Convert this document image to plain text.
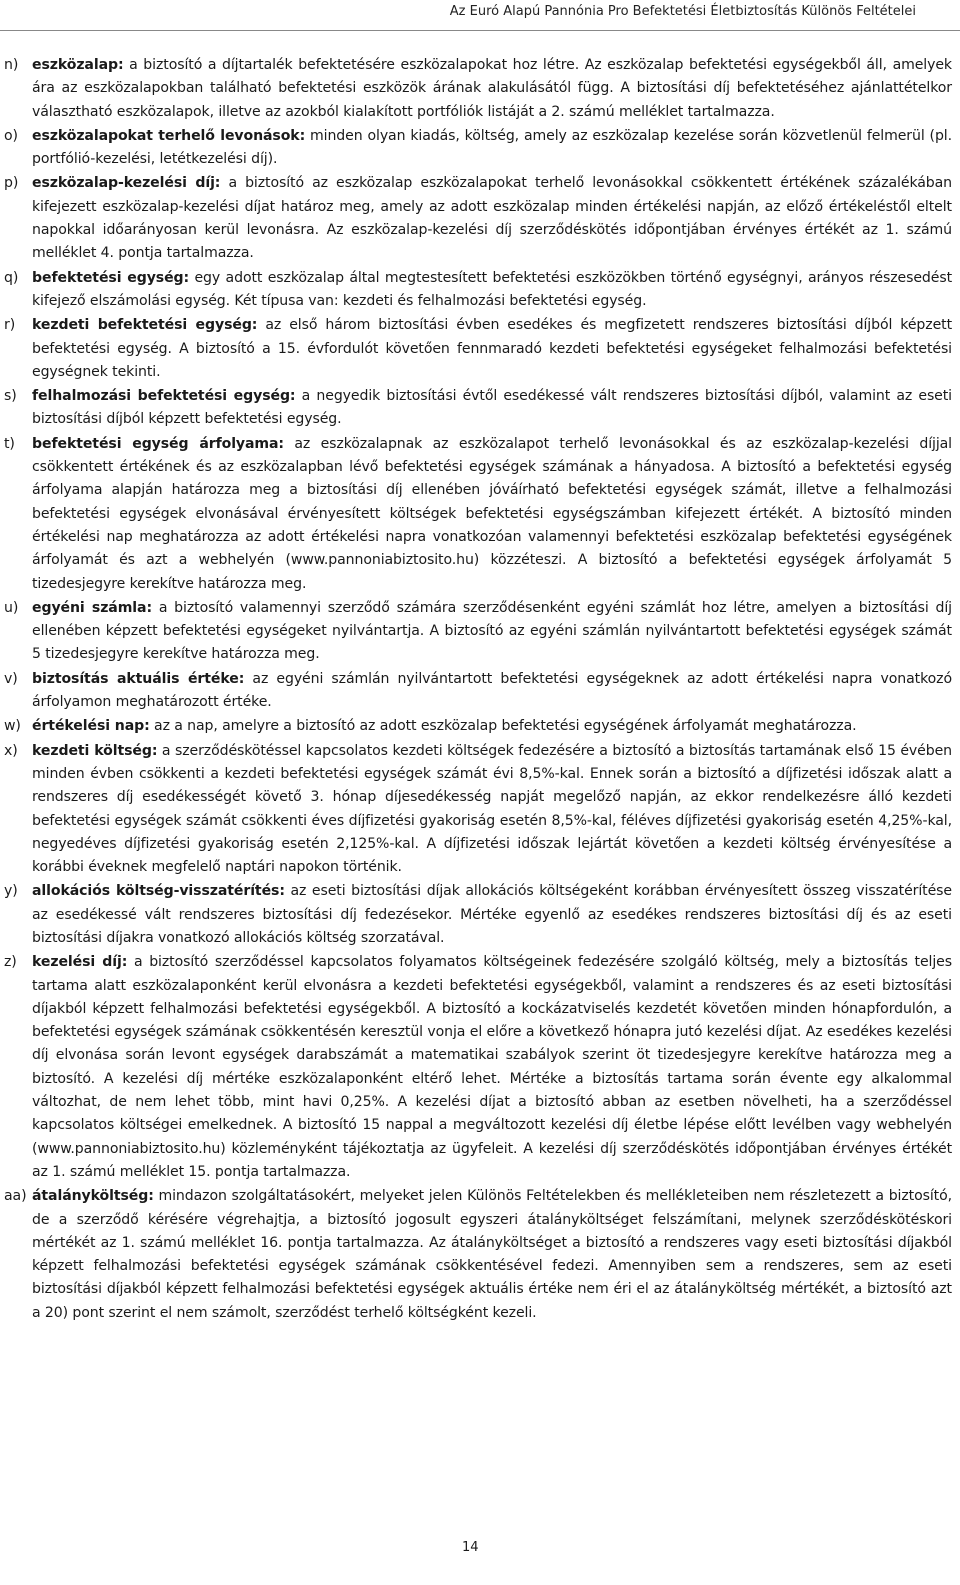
Az Euró Alapú Pannónia Pro Befektetési Életbiztosítás Különös Feltételei
n) eszközalap: a biztosító a díjtartalék befektetésére eszközalapokat hoz létre. Az eszközalap befektetési egységekből áll, amelyek ára az eszközalapokban található befektetési eszközök árának alakulásától függ. A biztosítási díj befektetéséhez ajánlattételkor választható eszközalapok, illetve az azokból kialakított portfóliók listáját a 2. számú melléklet tartalmazza.
o) eszközalapokat terhelő levonások: minden olyan kiadás, költség, amely az eszközalap kezelése során közvetlenül felmerül (pl. portfólió-kezelési, letétkezelési díj).
p) eszközalap-kezelési díj: a biztosító az eszközalap eszközalapokat terhelő levonásokkal csökkentett értékének százalékában kifejezett eszközalap-kezelési díjat határoz meg, amely az adott eszközalap minden értékelési napján, az előző értékeléstől eltelt napokkal időarányosan kerül levonásra. Az eszközalap-kezelési díj szerződéskötés időpontjában érvényes értékét az 1. számú melléklet 4. pontja tartalmazza.
q) befektetési egység: egy adott eszközalap által megtestesített befektetési eszközökben történő egységnyi, arányos részesedést kifejező elszámolási egység. Két típusa van: kezdeti és felhalmozási befektetési egység.
r)	kezdeti befektetési egység: az első három biztosítási évben esedékes és megfizetett rendszeres biztosítási díjból képzett befektetési egység. A biztosító a 15. évfordulót követően fennmaradó kezdeti befektetési egységeket felhalmozási befektetési egységnek tekinti.
s)	felhalmozási befektetési egység: a negyedik biztosítási évtől esedékessé vált rendszeres biztosítási díjból, valamint az eseti biztosítási díjból képzett befektetési egység.
t)	befektetési egység árfolyama: az eszközalapnak az eszközalapot terhelő levonásokkal és az eszközalap-kezelési díjjal csökkentett értékének és az eszközalapban lévő befektetési egységek számának a hányadosa. A biztosító a befektetési egység árfolyama alapján határozza meg a biztosítási díj ellenében jóváírható befektetési egységek számát, illetve a felhalmozási befektetési egységek elvonásával érvényesített költségek befektetési egységszámban kifejezett értékét. A biztosító minden értékelési nap meghatározza az adott értékelési napra vonatkozóan valamennyi befektetési eszközalap befektetési egységének árfolyamát és azt a webhelyén (www.pannoniabiztosito.hu) közzéteszi. A biztosító a befektetési egységek árfolyamát 5 tizedesjegyre kerekítve határozza meg.
u) egyéni számla: a biztosító valamennyi szerződő számára szerződésenként egyéni számlát hoz létre, amelyen a biztosítási díj ellenében képzett befektetési egységeket nyilvántartja. A biztosító az egyéni számlán nyilvántartott befektetési egységek számát 5 tizedesjegyre kerekítve határozza meg.
v)	biztosítás aktuális értéke: az egyéni számlán nyilvántartott befektetési egységeknek az adott értékelési napra vonatkozó árfolyamon meghatározott értéke.
w) értékelési nap: az a nap, amelyre a biztosító az adott eszközalap befektetési egységének árfolyamát meghatározza.
x)	kezdeti költség: a szerződéskötéssel kapcsolatos kezdeti költségek fedezésére a biztosító a biztosítás tartamának első 15 évében minden évben csökkenti a kezdeti befektetési egységek számát évi 8,5%-kal. Ennek során a biztosító a díjfizetési időszak alatt a rendszeres díj esedékességét követő 3. hónap díjesedékesség napját megelőző napján, az ekkor rendelkezésre álló kezdeti befektetési egységek számát csökkenti éves díjfizetési gyakoriság esetén 8,5%-kal, féléves díjfizetési gyakoriság esetén 4,25%-kal, negyedéves díjfizetési gyakoriság esetén 2,125%-kal. A díjfizetési időszak lejártát követően a kezdeti költség érvényesítése a korábbi éveknek megfelelő naptári napokon történik.
y)	allokációs költség-visszatérítés: az eseti biztosítási díjak allokációs költségeként korábban érvényesített összeg visszatérítése az esedékessé vált rendszeres biztosítási díj fedezésekor. Mértéke egyenlő az esedékes rendszeres biztosítási díj és az eseti biztosítási díjakra vonatkozó allokációs költség szorzatával.
z)	kezelési díj: a biztosító szerződéssel kapcsolatos folyamatos költségeinek fedezésére szolgáló költség, mely a biztosítás teljes tartama alatt eszközalaponként kerül elvonásra a kezdeti befektetési egységekből, valamint a rendszeres és az eseti biztosítási díjakból képzett felhalmozási befektetési egységekből. A biztosító a kockázatviselés kezdetét követően minden hónapfordulón, a befektetési egységek számának csökkentésén keresztül vonja el előre a következő hónapra jutó kezelési díjat. Az esedékes kezelési díj elvonása során levont egységek darabszámát a matematikai szabályok szerint öt tizedesjegyre kerekítve határozza meg a biztosító. A kezelési díj mértéke eszközalaponként eltérő lehet. Mértéke a biztosítás tartama során évente egy alkalommal változhat, de nem lehet több, mint havi 0,25%. A kezelési díjat a biztosító abban az esetben növelheti, ha a szerződéssel kapcsolatos költségei emelkednek. A biztosító 15 nappal a megváltozott kezelési díj életbe lépése előtt levélben vagy webhelyén (www.pannoniabiztosito.hu) közleményként tájékoztatja az ügyfeleit. A kezelési díj szerződéskötés időpontjában érvényes értékét az 1. számú melléklet 15. pontja tartalmazza.
aa) átalányköltség: mindazon szolgáltatásokért, melyeket jelen Különös Feltételekben és mellékleteiben nem részletezett a biztosító, de a szerződő kérésére végrehajtja, a biztosító jogosult egyszeri átalányköltséget felszámítani, melynek szerződéskötéskori mértékét az 1. számú melléklet 16. pontja tartalmazza. Az átalányköltséget a biztosító a rendszeres vagy eseti biztosítási díjakból képzett felhalmozási befektetési egységek számának csökkentésével fedezi. Amennyiben sem a rendszeres, sem az eseti biztosítási díjakból képzett felhalmozási befektetési egységek aktuális értéke nem éri el az átalányköltség mértékét, a biztosító azt a 20) pont szerint el nem számolt, szerződést terhelő költségként kezeli.
14
